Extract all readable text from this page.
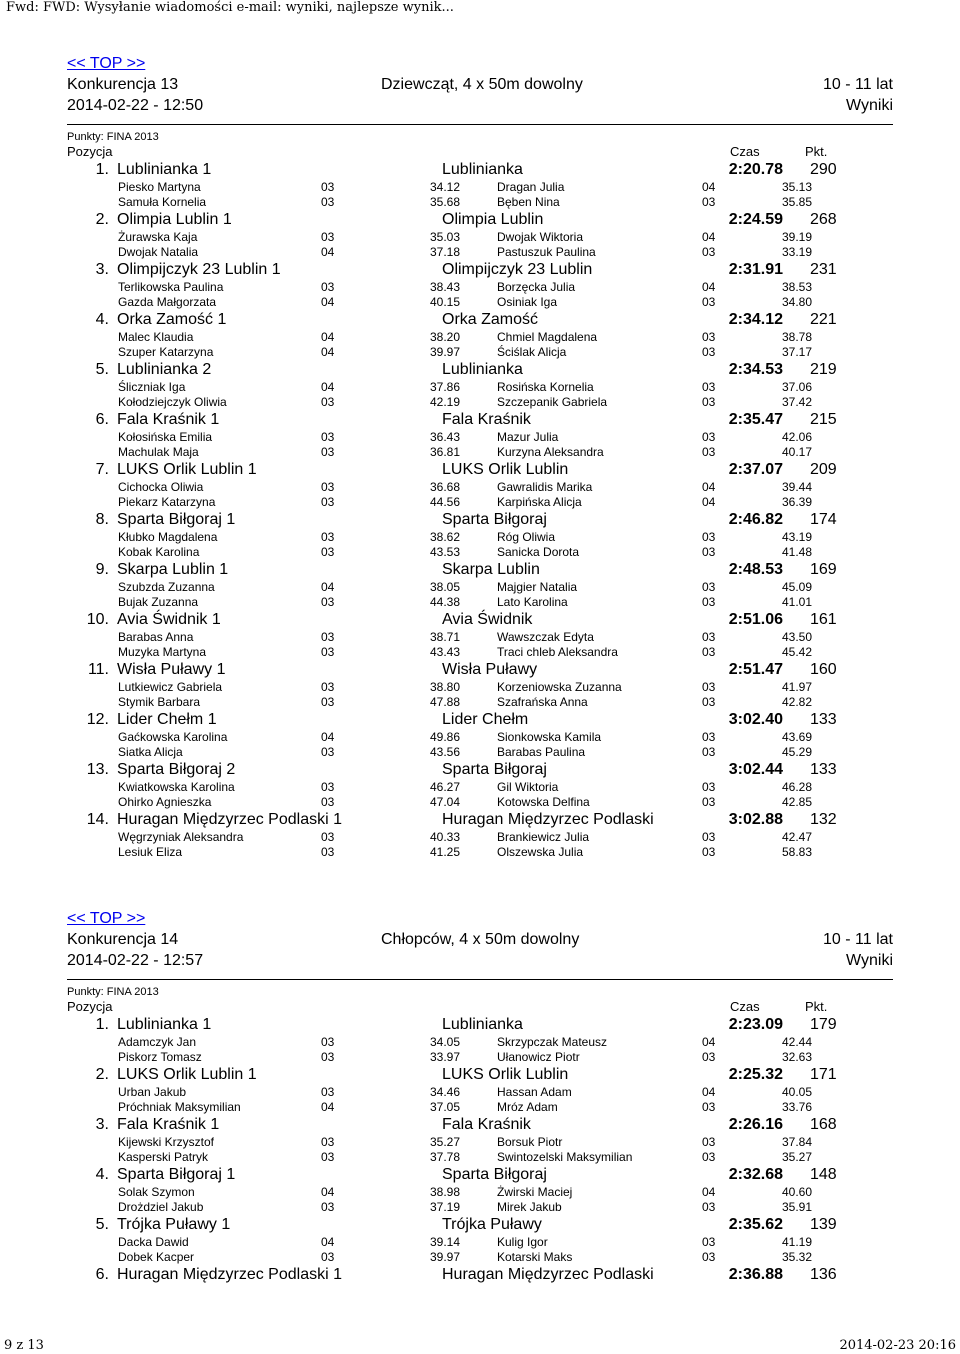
Fwd: FWD: Wysyłanie wiadomości e-mail: wyniki, najlepsze wynik...
<< TOP >>
Konkurencja 13	Dziewcząt, 4 x 50m dowolny	10 - 11 lat
2014-02-22 - 12:50	Wyniki
Punkty: FINA 2013
Pozycja	Czas	Pkt.
1. Lublinianka 1	Lublinianka	2:20.78 290
Piesko Martyna	03	34.12	Dragan Julia	04	35.13
Samuła Kornelia	03	35.68	Bęben Nina	03	35.85
2. Olimpia Lublin 1	Olimpia Lublin	2:24.59 268
Żurawska Kaja	03	35.03	Dwojak Wiktoria	04	39.19
Dwojak Natalia	04	37.18	Pastuszuk Paulina	03	33.19
3. Olimpijczyk 23 Lublin 1	Olimpijczyk 23 Lublin	2:31.91 231
Terlikowska Paulina	03	38.43	Borzęcka Julia	04	38.53
Gazda Małgorzata	04	40.15	Osiniak Iga	03	34.80
4. Orka Zamość 1	Orka Zamość	2:34.12 221
Malec Klaudia	04	38.20	Chmiel Magdalena	03	38.78
Szuper Katarzyna	04	39.97	Ściślak Alicja	03	37.17
5. Lublinianka 2	Lublinianka	2:34.53 219
Śliczniak Iga	04	37.86	Rosińska Kornelia	03	37.06
Kołodziejczyk Oliwia	03	42.19	Szczepanik Gabriela	03	37.42
6. Fala Kraśnik 1	Fala Kraśnik	2:35.47 215
Kołosińska Emilia	03	36.43	Mazur Julia	03	42.06
Machulak Maja	03	36.81	Kurzyna Aleksandra	03	40.17
7. LUKS Orlik Lublin 1	LUKS Orlik Lublin	2:37.07 209
Cichocka Oliwia	03	36.68	Gawralidis Marika	04	39.44
Piekarz Katarzyna	03	44.56	Karpińska Alicja	04	36.39
8. Sparta Biłgoraj 1	Sparta Biłgoraj	2:46.82 174
Kłubko Magdalena	03	38.62	Róg Oliwia	03	43.19
Kobak Karolina	03	43.53	Sanicka Dorota	03	41.48
9. Skarpa Lublin 1	Skarpa Lublin	2:48.53 169
Szubzda Zuzanna	04	38.05	Majgier Natalia	03	45.09
Bujak Zuzanna	03	44.38	Lato Karolina	03	41.01
10. Avia Świdnik 1	Avia Świdnik	2:51.06 161
Barabas Anna	03	38.71	Wawszczak Edyta	03	43.50
Muzyka Martyna	03	43.43	Traci chleb Aleksandra	03	45.42
11. Wisła Puławy 1	Wisła Puławy	2:51.47 160
Lutkiewicz Gabriela	03	38.80	Korzeniowska Zuzanna	03	41.97
Stymik Barbara	03	47.88	Szafrańska Anna	03	42.82
12. Lider Chełm 1	Lider Chełm	3:02.40 133
Gaćkowska Karolina	04	49.86	Sionkowska Kamila	03	43.69
Siatka Alicja	03	43.56	Barabas Paulina	03	45.29
13. Sparta Biłgoraj 2	Sparta Biłgoraj	3:02.44 133
Kwiatkowska Karolina	03	46.27	Gil Wiktoria	03	46.28
Ohirko Agnieszka	03	47.04	Kotowska Delfina	03	42.85
14. Huragan Międzyrzec Podlaski 1	Huragan Międzyrzec Podlaski	3:02.88 132
Węgrzyniak Aleksandra	03	40.33	Brankiewicz Julia	03	42.47
Lesiuk Eliza	03	41.25	Olszewska Julia	03	58.83
<< TOP >>
Konkurencja 14	Chłopców, 4 x 50m dowolny	10 - 11 lat
2014-02-22 - 12:57	Wyniki
Punkty: FINA 2013
Pozycja	Czas	Pkt.
1. Lublinianka 1	Lublinianka	2:23.09 179
Adamczyk Jan	03	34.05	Skrzypczak Mateusz	04	42.44
Piskorz Tomasz	03	33.97	Ułanowicz Piotr	03	32.63
2. LUKS Orlik Lublin 1	LUKS Orlik Lublin	2:25.32 171
Urban Jakub	03	34.46	Hassan Adam	04	40.05
Próchniak Maksymilian	04	37.05	Mróz Adam	03	33.76
3. Fala Kraśnik 1	Fala Kraśnik	2:26.16 168
Kijewski Krzysztof	03	35.27	Borsuk Piotr	03	37.84
Kasperski Patryk	03	37.78	Swintozelski Maksymilian	03	35.27
4. Sparta Biłgoraj 1	Sparta Biłgoraj	2:32.68 148
Solak Szymon	04	38.98	Żwirski Maciej	04	40.60
Drożdziel Jakub	03	37.19	Mirek Jakub	03	35.91
5. Trójka Puławy 1	Trójka Puławy	2:35.62 139
Dacka Dawid	04	39.14	Kulig Igor	03	41.19
Dobek Kacper	03	39.97	Kotarski Maks	03	35.32
6. Huragan Międzyrzec Podlaski 1	Huragan Międzyrzec Podlaski	2:36.88 136
9 z 13	2014-02-23 20:16
